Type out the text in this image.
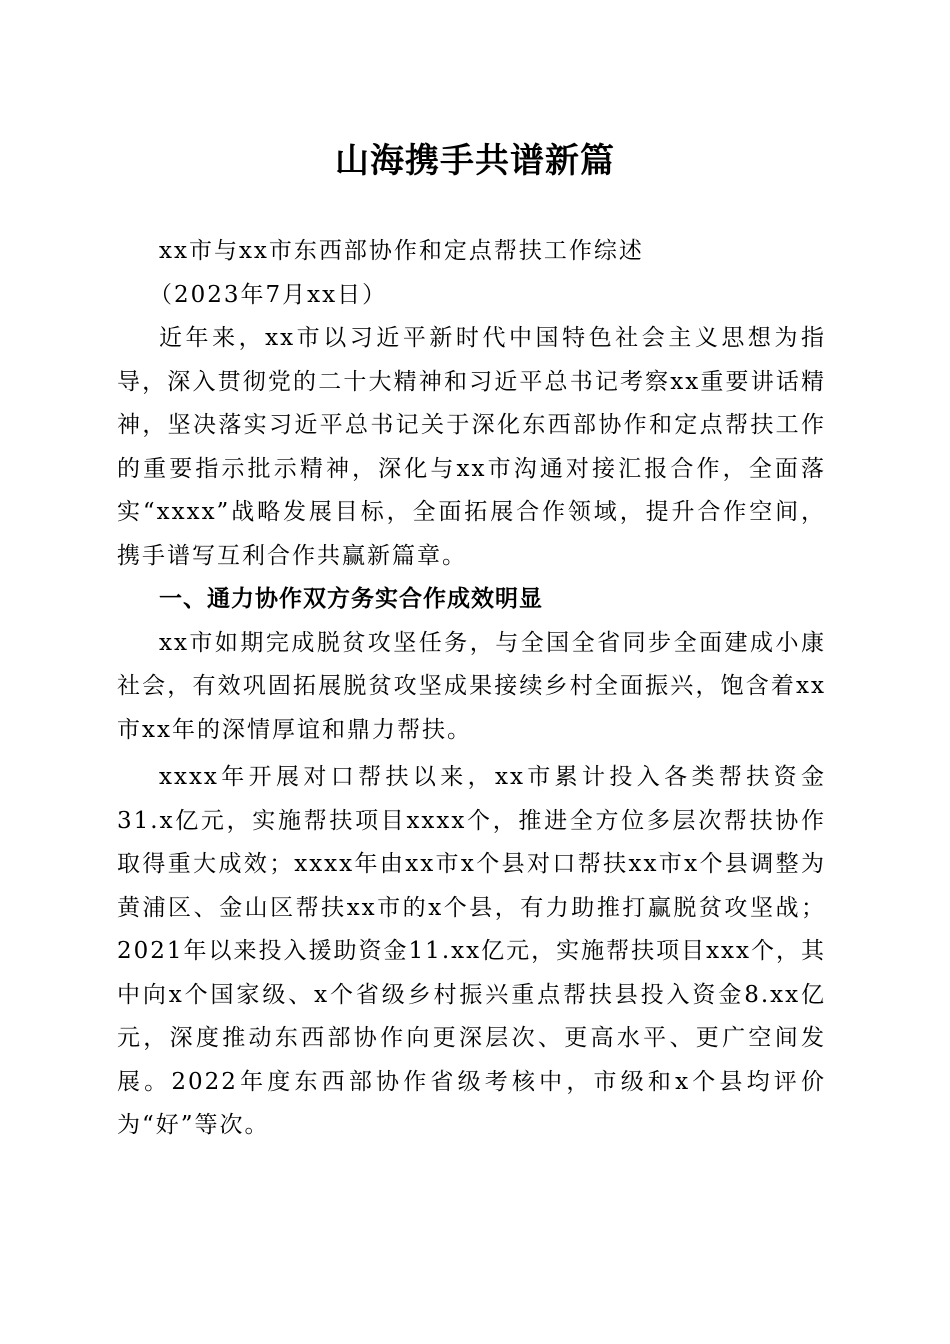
山海携手共谱新篇

xx市与xx市东西部协作和定点帮扶工作综述

（2023年7月xx日）

近年来，xx市以习近平新时代中国特色社会主义思想为指导，深入贯彻党的二十大精神和习近平总书记考察xx重要讲话精神，坚决落实习近平总书记关于深化东西部协作和定点帮扶工作的重要指示批示精神，深化与xx市沟通对接汇报合作，全面落实“xxxx”战略发展目标，全面拓展合作领域，提升合作空间，携手谱写互利合作共赢新篇章。

一、通力协作双方务实合作成效明显

xx市如期完成脱贫攻坚任务，与全国全省同步全面建成小康社会，有效巩固拓展脱贫攻坚成果接续乡村全面振兴，饱含着xx市xx年的深情厚谊和鼎力帮扶。

xxxx年开展对口帮扶以来，xx市累计投入各类帮扶资金31.x亿元，实施帮扶项目xxxx个，推进全方位多层次帮扶协作取得重大成效；xxxx年由xx市x个县对口帮扶xx市x个县调整为黄浦区、金山区帮扶xx市的x个县，有力助推打赢脱贫攻坚战；2021年以来投入援助资金11.xx亿元，实施帮扶项目xxx个，其中向x个国家级、x个省级乡村振兴重点帮扶县投入资金8.xx亿元，深度推动东西部协作向更深层次、更高水平、更广空间发展。2022年度东西部协作省级考核中，市级和x个县均评价为“好”等次。
